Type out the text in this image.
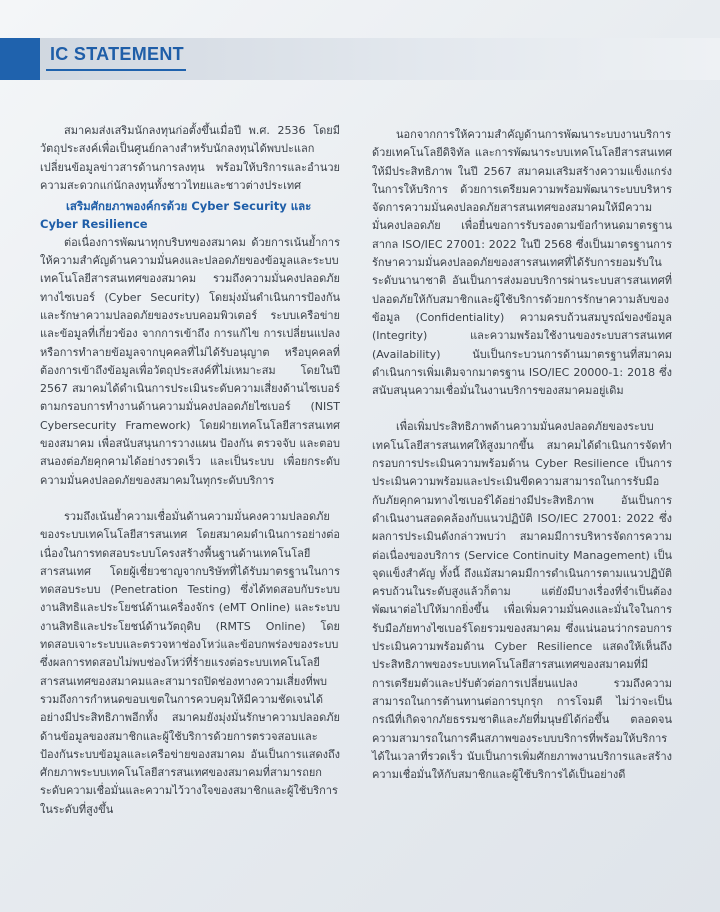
IC STATEMENT

สมาคมส่งเสริมนักลงทุนก่อตั้งขึ้นเมื่อปี พ.ศ. 2536 โดยมีวัตถุประสงค์เพื่อเป็นศูนย์กลางสำหรับนักลงทุนได้พบปะแลกเปลี่ยนข้อมูลข่าวสารด้านการลงทุน พร้อมให้บริการและอำนวยความสะดวกแก่นักลงทุนทั้งชาวไทยและชาวต่างประเทศ

เสริมศักยภาพองค์กรด้วย Cyber Security และ
Cyber Resilience

ต่อเนื่องการพัฒนาทุกบริบทของสมาคม ด้วยการเน้นย้ำการให้ความสำคัญด้านความมั่นคงและปลอดภัยของข้อมูลและระบบเทคโนโลยีสารสนเทศของสมาคม รวมถึงความมั่นคงปลอดภัยทางไซเบอร์ (Cyber Security) โดยมุ่งมั่นดำเนินการป้องกันและรักษาความปลอดภัยของระบบคอมพิวเตอร์ ระบบเครือข่าย และข้อมูลที่เกี่ยวข้อง จากการเข้าถึง การแก้ไข การเปลี่ยนแปลง หรือการทำลายข้อมูลจากบุคคลที่ไม่ได้รับอนุญาต หรือบุคคลที่ต้องการเข้าถึงข้อมูลเพื่อวัตถุประสงค์ที่ไม่เหมาะสม โดยในปี 2567 สมาคมได้ดำเนินการประเมินระดับความเสี่ยงด้านไซเบอร์ ตามกรอบการทำงานด้านความมั่นคงปลอดภัยไซเบอร์ (NIST Cybersecurity Framework) โดยฝ่ายเทคโนโลยีสารสนเทศของสมาคม เพื่อสนับสนุนการวางแผน ป้องกัน ตรวจจับ และตอบสนองต่อภัยคุกคามได้อย่างรวดเร็ว และเป็นระบบ เพื่อยกระดับความมั่นคงปลอดภัยของสมาคมในทุกระดับบริการ

รวมถึงเน้นย้ำความเชื่อมั่นด้านความมั่นคงความปลอดภัยของระบบเทคโนโลยีสารสนเทศ โดยสมาคมดำเนินการอย่างต่อเนื่องในการทดสอบระบบโครงสร้างพื้นฐานด้านเทคโนโลยีสารสนเทศ โดยผู้เชี่ยวชาญจากบริษัทที่ได้รับมาตรฐานในการทดสอบระบบ (Penetration Testing) ซึ่งได้ทดสอบกับระบบงานสิทธิและประโยชน์ด้านเครื่องจักร (eMT Online) และระบบงานสิทธิและประโยชน์ด้านวัตถุดิบ (RMTS Online) โดยทดสอบเจาะระบบและตรวจหาช่องโหว่และข้อบกพร่องของระบบ ซึ่งผลการทดสอบไม่พบช่องโหว่ที่ร้ายแรงต่อระบบเทคโนโลยีสารสนเทศของสมาคมและสามารถปิดช่องทางความเสี่ยงที่พบ รวมถึงการกำหนดขอบเขตในการควบคุมให้มีความชัดเจนได้อย่างมีประสิทธิภาพอีกทั้ง สมาคมยังมุ่งมั่นรักษาความปลอดภัยด้านข้อมูลของสมาชิกและผู้ใช้บริการด้วยการตรวจสอบและป้องกันระบบข้อมูลและเครือข่ายของสมาคม อันเป็นการแสดงถึงศักยภาพระบบเทคโนโลยีสารสนเทศของสมาคมที่สามารถยกระดับความเชื่อมั่นและความไว้วางใจของสมาชิกและผู้ใช้บริการในระดับที่สูงขึ้น

นอกจากการให้ความสำคัญด้านการพัฒนาระบบงานบริการด้วยเทคโนโลยีดิจิทัล และการพัฒนาระบบเทคโนโลยีสารสนเทศให้มีประสิทธิภาพ ในปี 2567 สมาคมเสริมสร้างความแข็งแกร่งในการให้บริการ ด้วยการเตรียมความพร้อมพัฒนาระบบบริหารจัดการความมั่นคงปลอดภัยสารสนเทศของสมาคมให้มีความมั่นคงปลอดภัย เพื่อยื่นขอการรับรองตามข้อกำหนดมาตรฐานสากล ISO/IEC 27001: 2022 ในปี 2568 ซึ่งเป็นมาตรฐานการรักษาความมั่นคงปลอดภัยของสารสนเทศที่ได้รับการยอมรับในระดับนานาชาติ อันเป็นการส่งมอบบริการผ่านระบบสารสนเทศที่ปลอดภัยให้กับสมาชิกและผู้ใช้บริการด้วยการรักษาความลับของข้อมูล (Confidentiality) ความครบถ้วนสมบูรณ์ของข้อมูล (Integrity) และความพร้อมใช้งานของระบบสารสนเทศ (Availability) นับเป็นกระบวนการด้านมาตรฐานที่สมาคมดำเนินการเพิ่มเติมจากมาตรฐาน ISO/IEC 20000-1: 2018 ซึ่งสนับสนุนความเชื่อมั่นในงานบริการของสมาคมอยู่เดิม

เพื่อเพิ่มประสิทธิภาพด้านความมั่นคงปลอดภัยของระบบเทคโนโลยีสารสนเทศให้สูงมากขึ้น สมาคมได้ดำเนินการจัดทำกรอบการประเมินความพร้อมด้าน Cyber Resilience เป็นการประเมินความพร้อมและประเมินขีดความสามารถในการรับมือกับภัยคุกคามทางไซเบอร์ได้อย่างมีประสิทธิภาพ อันเป็นการดำเนินงานสอดคล้องกับแนวปฏิบัติ ISO/IEC 27001: 2022 ซึ่งผลการประเมินดังกล่าวพบว่า สมาคมมีการบริหารจัดการความต่อเนื่องของบริการ (Service Continuity Management) เป็นจุดแข็งสำคัญ ทั้งนี้ ถึงแม้สมาคมมีการดำเนินการตามแนวปฏิบัติครบถ้วนในระดับสูงแล้วก็ตาม แต่ยังมีบางเรื่องที่จำเป็นต้องพัฒนาต่อไปให้มากยิ่งขึ้น เพื่อเพิ่มความมั่นคงและมั่นใจในการรับมือภัยทางไซเบอร์โดยรวมของสมาคม ซึ่งแน่นอนว่ากรอบการประเมินความพร้อมด้าน Cyber Resilience แสดงให้เห็นถึงประสิทธิภาพของระบบเทคโนโลยีสารสนเทศของสมาคมที่มีการเตรียมตัวและปรับตัวต่อการเปลี่ยนแปลง รวมถึงความสามารถในการต้านทานต่อการบุกรุก การโจมตี ไม่ว่าจะเป็นกรณีที่เกิดจากภัยธรรมชาติและภัยที่มนุษย์ได้ก่อขึ้น ตลอดจนความสามารถในการคืนสภาพของระบบบริการที่พร้อมให้บริการได้ในเวลาที่รวดเร็ว นับเป็นการเพิ่มศักยภาพงานบริการและสร้างความเชื่อมั่นให้กับสมาชิกและผู้ใช้บริการได้เป็นอย่างดี
